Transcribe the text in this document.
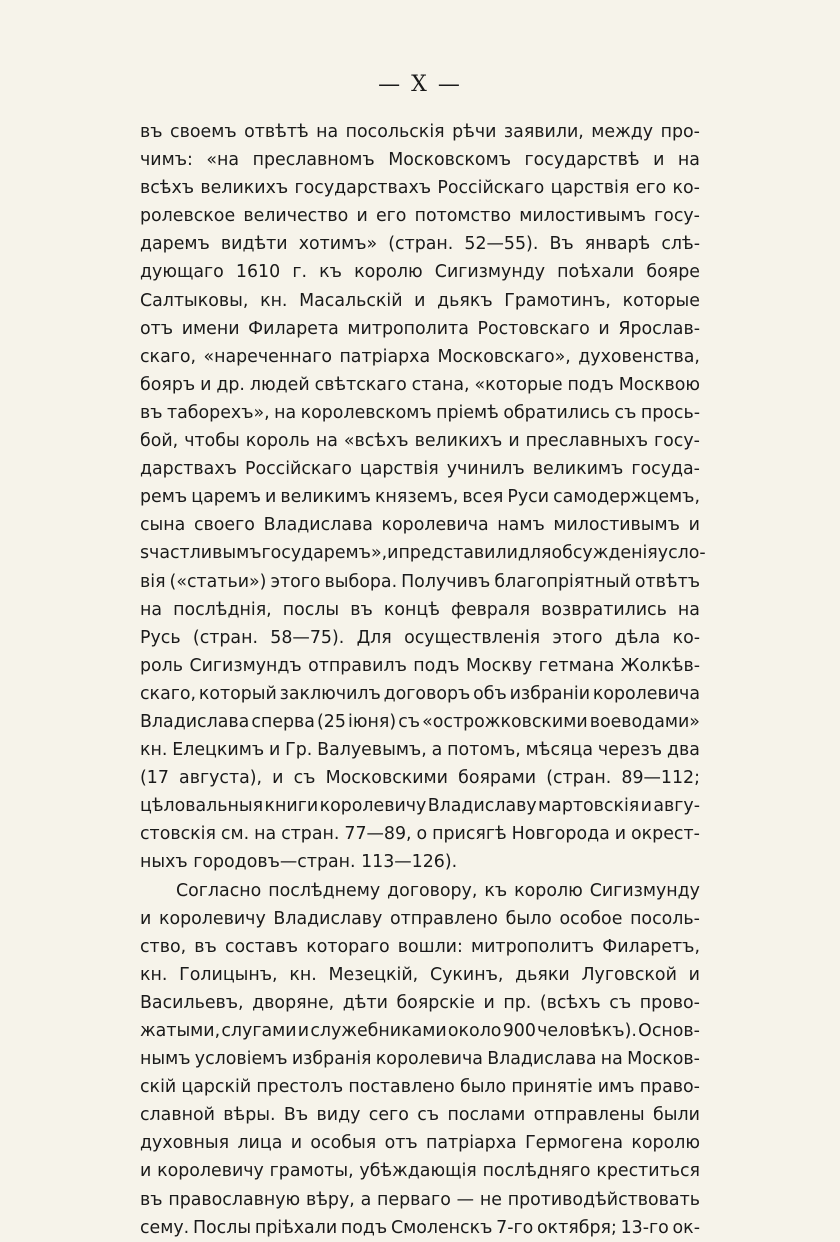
— X —
въ своемъ отвѣтѣ на посольскія рѣчи заявили, между про-
чимъ: «на преславномъ Московскомъ государствѣ и на
всѣхъ великихъ государствахъ Россійскаго царствія его ко-
ролевское величество и его потомство милостивымъ госу-
даремъ видѣти хотимъ» (стран. 52—55). Въ январѣ слѣ-
дующаго 1610 г. къ королю Сигизмунду поѣхали бояре
Салтыковы, кн. Масальскій и дьякъ Грамотинъ, которые
отъ имени Филарета митрополита Ростовскаго и Ярослав-
скаго, «нареченнаго патріарха Московскаго», духовенства,
бояръ и др. людей свѣтскаго стана, «которые подъ Москвою
въ таборехъ», на королевскомъ пріемѣ обратились съ прось-
бой, чтобы король на «всѣхъ великихъ и преславныхъ госу-
дарствахъ Россійскаго царствія учинилъ великимъ госуда-
ремъ царемъ и великимъ княземъ, всея Руси самодержцемъ,
сына своего Владислава королевича намъ милостивымъ и
ѕчастливымъ государемъ», и представили для обсужденія усло-
вія («статьи») этого выбора. Получивъ благопріятный отвѣтъ
на послѣднія, послы въ концѣ февраля возвратились на
Русь (стран. 58—75). Для осуществленія этого дѣла ко-
роль Сигизмундъ отправилъ подъ Москву гетмана Жолкѣв-
скаго, который заключилъ договоръ объ избраніи королевича
Владислава сперва (25 іюня) съ «острожковскими воеводами»
кн. Елецкимъ и Гр. Валуевымъ, а потомъ, мѣсяца черезъ два
(17 августа), и съ Московскими боярами (стран. 89—112;
цѣловальныя книги королевичу Владиславу мартовскія и авгу-
стовскія см. на стран. 77—89, о присягѣ Новгорода и окрест-
ныхъ городовъ—стран. 113—126).
Согласно послѣднему договору, къ королю Сигизмунду
и королевичу Владиславу отправлено было особое посоль-
ство, въ составъ котораго вошли: митрополитъ Филаретъ,
кн. Голицынъ, кн. Мезецкій, Сукинъ, дьяки Луговской и
Васильевъ, дворяне, дѣти боярскіе и пр. (всѣхъ съ прово-
жатыми, слугами и служебниками около 900 человѣкъ). Основ-
нымъ условіемъ избранія королевича Владислава на Москов-
скій царскій престолъ поставлено было принятіе имъ право-
славной вѣры. Въ виду сего съ послами отправлены были
духовныя лица и особыя отъ патріарха Гермогена королю
и королевичу грамоты, убѣждающія послѣдняго креститься
въ православную вѣру, а перваго — не противодѣйствовать
сему. Послы пріѣхали подъ Смоленскъ 7-го октября; 13-го ок-
